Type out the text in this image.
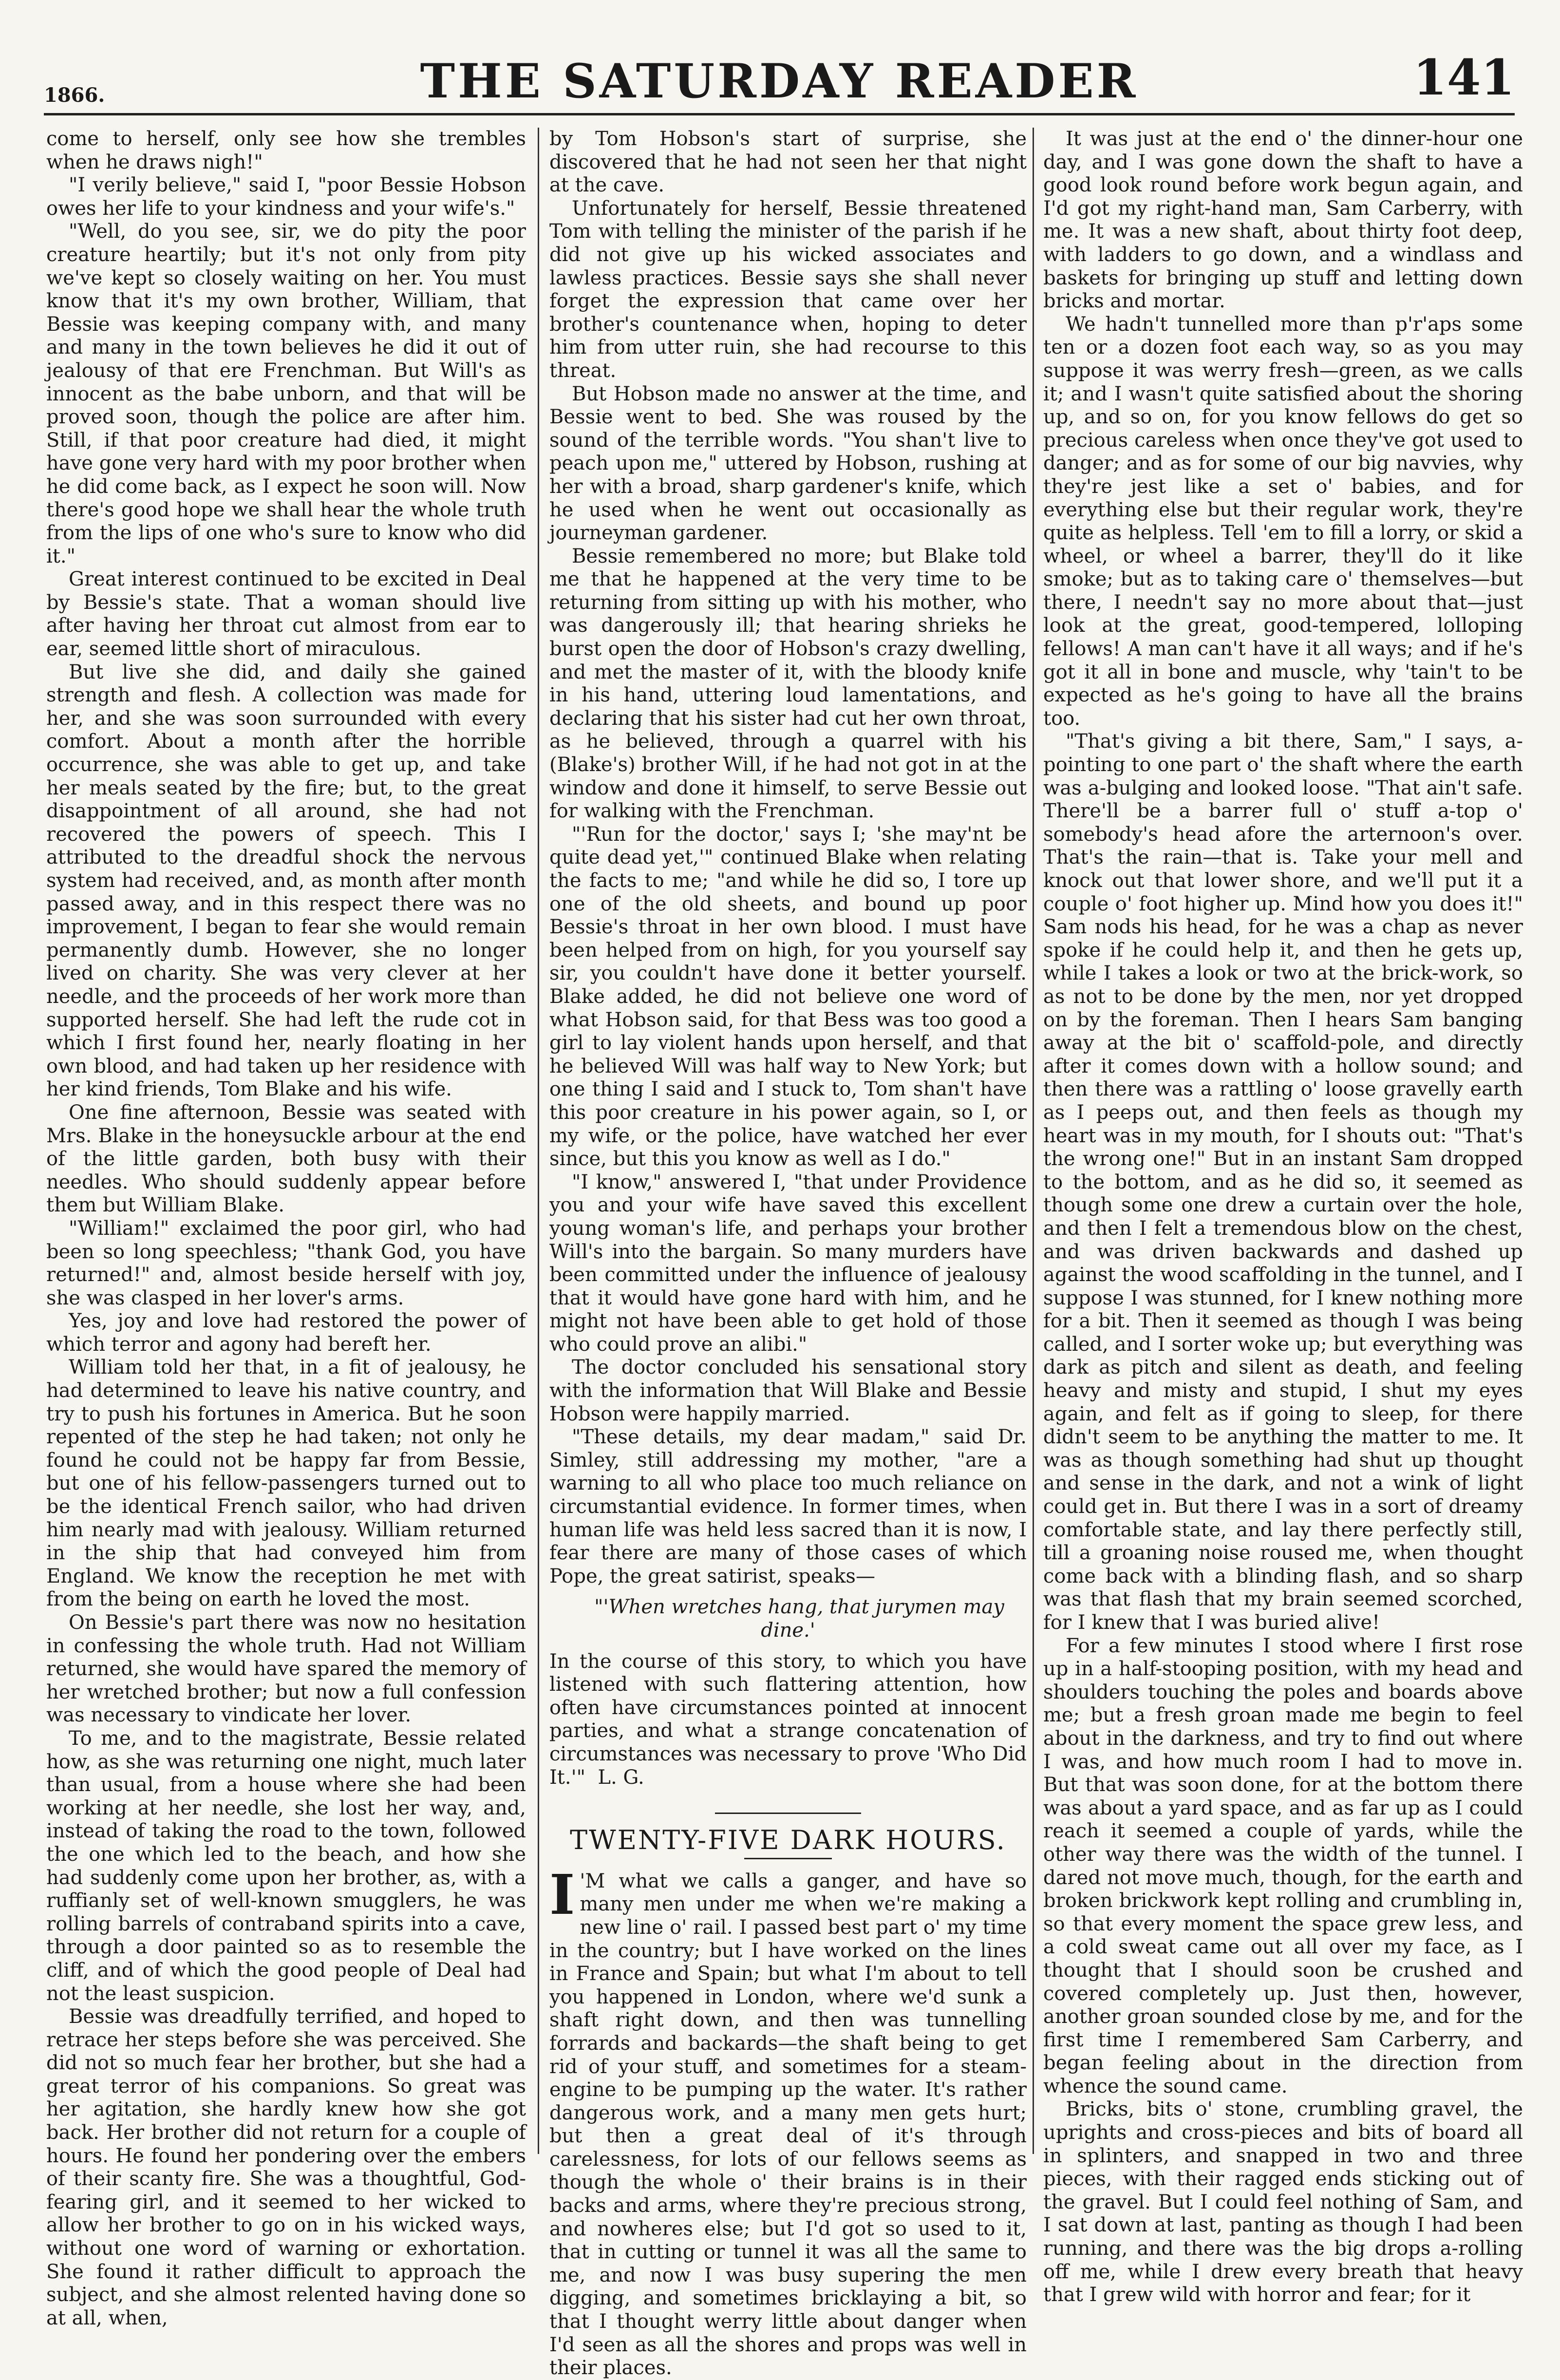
1866.	THE SATURDAY READER	141

come to herself, only see how she trembles when he draws nigh!"

"I verily believe," said I, "poor Bessie Hobson owes her life to your kindness and your wife's."

"Well, do you see, sir, we do pity the poor creature heartily; but it's not only from pity we've kept so closely waiting on her. You must know that it's my own brother, William, that Bessie was keeping company with, and many and many in the town believes he did it out of jealousy of that ere Frenchman. But Will's as innocent as the babe unborn, and that will be proved soon, though the police are after him. Still, if that poor creature had died, it might have gone very hard with my poor brother when he did come back, as I expect he soon will. Now there's good hope we shall hear the whole truth from the lips of one who's sure to know who did it."

Great interest continued to be excited in Deal by Bessie's state. That a woman should live after having her throat cut almost from ear to ear, seemed little short of miraculous.

But live she did, and daily she gained strength and flesh. A collection was made for her, and she was soon surrounded with every comfort. About a month after the horrible occurrence, she was able to get up, and take her meals seated by the fire; but, to the great disappointment of all around, she had not recovered the powers of speech. This I attributed to the dreadful shock the nervous system had received, and, as month after month passed away, and in this respect there was no improvement, I began to fear she would remain permanently dumb. However, she no longer lived on charity. She was very clever at her needle, and the proceeds of her work more than supported herself. She had left the rude cot in which I first found her, nearly floating in her own blood, and had taken up her residence with her kind friends, Tom Blake and his wife.

One fine afternoon, Bessie was seated with Mrs. Blake in the honeysuckle arbour at the end of the little garden, both busy with their needles. Who should suddenly appear before them but William Blake.

"William!" exclaimed the poor girl, who had been so long speechless; "thank God, you have returned!" and, almost beside herself with joy, she was clasped in her lover's arms.

Yes, joy and love had restored the power of which terror and agony had bereft her.

William told her that, in a fit of jealousy, he had determined to leave his native country, and try to push his fortunes in America. But he soon repented of the step he had taken; not only he found he could not be happy far from Bessie, but one of his fellow-passengers turned out to be the identical French sailor, who had driven him nearly mad with jealousy. William returned in the ship that had conveyed him from England. We know the reception he met with from the being on earth he loved the most.

On Bessie's part there was now no hesitation in confessing the whole truth. Had not William returned, she would have spared the memory of her wretched brother; but now a full confession was necessary to vindicate her lover.

To me, and to the magistrate, Bessie related how, as she was returning one night, much later than usual, from a house where she had been working at her needle, she lost her way, and, instead of taking the road to the town, followed the one which led to the beach, and how she had suddenly come upon her brother, as, with a ruffianly set of well-known smugglers, he was rolling barrels of contraband spirits into a cave, through a door painted so as to resemble the cliff, and of which the good people of Deal had not the least suspicion.

Bessie was dreadfully terrified, and hoped to retrace her steps before she was perceived. She did not so much fear her brother, but she had a great terror of his companions. So great was her agitation, she hardly knew how she got back. Her brother did not return for a couple of hours. He found her pondering over the embers of their scanty fire. She was a thoughtful, God-fearing girl, and it seemed to her wicked to allow her brother to go on in his wicked ways, without one word of warning or exhortation. She found it rather difficult to approach the subject, and she almost relented having done so at all, when,

by Tom Hobson's start of surprise, she discovered that he had not seen her that night at the cave.

Unfortunately for herself, Bessie threatened Tom with telling the minister of the parish if he did not give up his wicked associates and lawless practices. Bessie says she shall never forget the expression that came over her brother's countenance when, hoping to deter him from utter ruin, she had recourse to this threat.

But Hobson made no answer at the time, and Bessie went to bed. She was roused by the sound of the terrible words. "You shan't live to peach upon me," uttered by Hobson, rushing at her with a broad, sharp gardener's knife, which he used when he went out occasionally as journeyman gardener.

Bessie remembered no more; but Blake told me that he happened at the very time to be returning from sitting up with his mother, who was dangerously ill; that hearing shrieks he burst open the door of Hobson's crazy dwelling, and met the master of it, with the bloody knife in his hand, uttering loud lamentations, and declaring that his sister had cut her own throat, as he believed, through a quarrel with his (Blake's) brother Will, if he had not got in at the window and done it himself, to serve Bessie out for walking with the Frenchman.

"'Run for the doctor,' says I; 'she may'nt be quite dead yet,'" continued Blake when relating the facts to me; "and while he did so, I tore up one of the old sheets, and bound up poor Bessie's throat in her own blood. I must have been helped from on high, for you yourself say sir, you couldn't have done it better yourself. Blake added, he did not believe one word of what Hobson said, for that Bess was too good a girl to lay violent hands upon herself, and that he believed Will was half way to New York; but one thing I said and I stuck to, Tom shan't have this poor creature in his power again, so I, or my wife, or the police, have watched her ever since, but this you know as well as I do."

"I know," answered I, "that under Providence you and your wife have saved this excellent young woman's life, and perhaps your brother Will's into the bargain. So many murders have been committed under the influence of jealousy that it would have gone hard with him, and he might not have been able to get hold of those who could prove an alibi."

The doctor concluded his sensational story with the information that Will Blake and Bessie Hobson were happily married.

"These details, my dear madam," said Dr. Simley, still addressing my mother, "are a warning to all who place too much reliance on circumstantial evidence. In former times, when human life was held less sacred than it is now, I fear there are many of those cases of which Pope, the great satirist, speaks—

"'When wretches hang, that jurymen may dine.'

In the course of this story, to which you have listened with such flattering attention, how often have circumstances pointed at innocent parties, and what a strange concatenation of circumstances was necessary to prove 'Who Did It.'" L. G.

TWENTY-FIVE DARK HOURS.

I 'M what we calls a ganger, and have so many men under me when we're making a new line o' rail. I passed best part o' my time in the country; but I have worked on the lines in France and Spain; but what I'm about to tell you happened in London, where we'd sunk a shaft right down, and then was tunnelling forrards and backards—the shaft being to get rid of your stuff, and sometimes for a steam-engine to be pumping up the water. It's rather dangerous work, and a many men gets hurt; but then a great deal of it's through carelessness, for lots of our fellows seems as though the whole o' their brains is in their backs and arms, where they're precious strong, and nowheres else; but I'd got so used to it, that in cutting or tunnel it was all the same to me, and now I was busy supering the men digging, and sometimes bricklaying a bit, so that I thought werry little about danger when I'd seen as all the shores and props was well in their places.

It was just at the end o' the dinner-hour one day, and I was gone down the shaft to have a good look round before work begun again, and I'd got my right-hand man, Sam Carberry, with me. It was a new shaft, about thirty foot deep, with ladders to go down, and a windlass and baskets for bringing up stuff and letting down bricks and mortar.

We hadn't tunnelled more than p'r'aps some ten or a dozen foot each way, so as you may suppose it was werry fresh—green, as we calls it; and I wasn't quite satisfied about the shoring up, and so on, for you know fellows do get so precious careless when once they've got used to danger; and as for some of our big navvies, why they're jest like a set o' babies, and for everything else but their regular work, they're quite as helpless. Tell 'em to fill a lorry, or skid a wheel, or wheel a barrer, they'll do it like smoke; but as to taking care o' themselves—but there, I needn't say no more about that—just look at the great, good-tempered, lolloping fellows! A man can't have it all ways; and if he's got it all in bone and muscle, why 'tain't to be expected as he's going to have all the brains too.

"That's giving a bit there, Sam," I says, a-pointing to one part o' the shaft where the earth was a-bulging and looked loose. "That ain't safe. There'll be a barrer full o' stuff a-top o' somebody's head afore the arternoon's over. That's the rain—that is. Take your mell and knock out that lower shore, and we'll put it a couple o' foot higher up. Mind how you does it!" Sam nods his head, for he was a chap as never spoke if he could help it, and then he gets up, while I takes a look or two at the brick-work, so as not to be done by the men, nor yet dropped on by the foreman. Then I hears Sam banging away at the bit o' scaffold-pole, and directly after it comes down with a hollow sound; and then there was a rattling o' loose gravelly earth as I peeps out, and then feels as though my heart was in my mouth, for I shouts out: "That's the wrong one!" But in an instant Sam dropped to the bottom, and as he did so, it seemed as though some one drew a curtain over the hole, and then I felt a tremendous blow on the chest, and was driven backwards and dashed up against the wood scaffolding in the tunnel, and I suppose I was stunned, for I knew nothing more for a bit. Then it seemed as though I was being called, and I sorter woke up; but everything was dark as pitch and silent as death, and feeling heavy and misty and stupid, I shut my eyes again, and felt as if going to sleep, for there didn't seem to be anything the matter to me. It was as though something had shut up thought and sense in the dark, and not a wink of light could get in. But there I was in a sort of dreamy comfortable state, and lay there perfectly still, till a groaning noise roused me, when thought come back with a blinding flash, and so sharp was that flash that my brain seemed scorched, for I knew that I was buried alive!

For a few minutes I stood where I first rose up in a half-stooping position, with my head and shoulders touching the poles and boards above me; but a fresh groan made me begin to feel about in the darkness, and try to find out where I was, and how much room I had to move in. But that was soon done, for at the bottom there was about a yard space, and as far up as I could reach it seemed a couple of yards, while the other way there was the width of the tunnel. I dared not move much, though, for the earth and broken brickwork kept rolling and crumbling in, so that every moment the space grew less, and a cold sweat came out all over my face, as I thought that I should soon be crushed and covered completely up. Just then, however, another groan sounded close by me, and for the first time I remembered Sam Carberry, and began feeling about in the direction from whence the sound came.

Bricks, bits o' stone, crumbling gravel, the uprights and cross-pieces and bits of board all in splinters, and snapped in two and three pieces, with their ragged ends sticking out of the gravel. But I could feel nothing of Sam, and I sat down at last, panting as though I had been running, and there was the big drops a-rolling off me, while I drew every breath that heavy that I grew wild with horror and fear; for it
